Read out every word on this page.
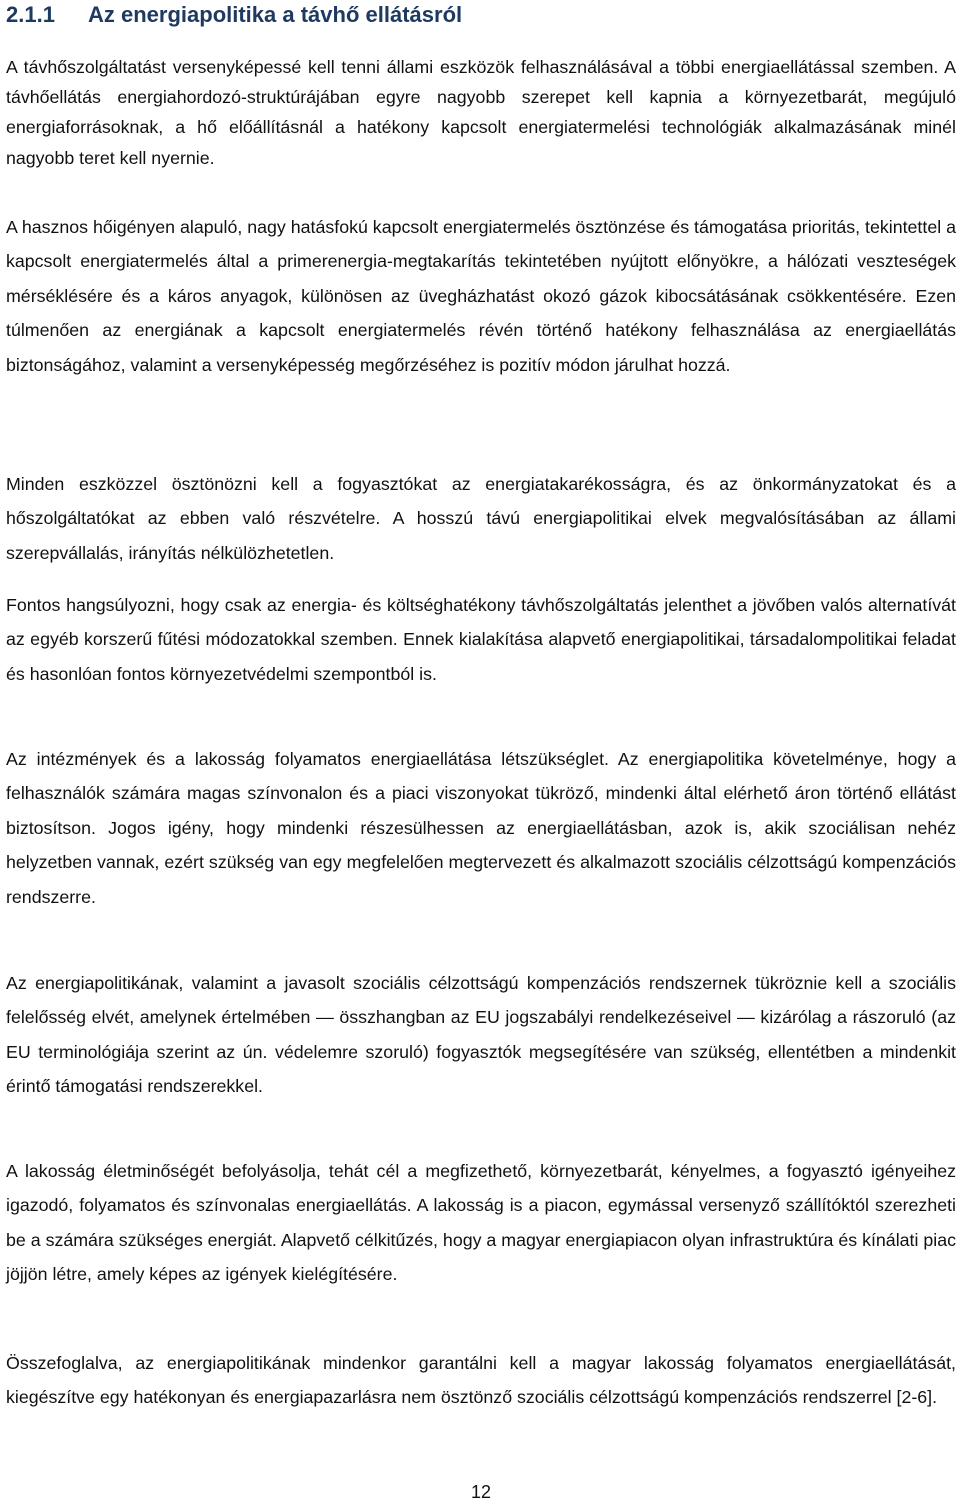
2.1.1 Az energiapolitika a távhő ellátásról

A távhőszolgáltatást versenyképessé kell tenni állami eszközök felhasználásával a többi energiaellátással szemben. A távhőellátás energiahordozó-struktúrájában egyre nagyobb szerepet kell kapnia a környezetbarát, megújuló energiaforrásoknak, a hő előállításnál a hatékony kapcsolt energiatermelési technológiák alkalmazásának minél nagyobb teret kell nyernie.

A hasznos hőigényen alapuló, nagy hatásfokú kapcsolt energiatermelés ösztönzése és támogatása prioritás, tekintettel a kapcsolt energiatermelés által a primerenergia-megtakarítás tekintetében nyújtott előnyökre, a hálózati veszteségek mérséklésére és a káros anyagok, különösen az üvegházhatást okozó gázok kibocsátásának csökkentésére. Ezen túlmenően az energiának a kapcsolt energiatermelés révén történő hatékony felhasználása az energiaellátás biztonságához, valamint a versenyképesség megőrzéséhez is pozitív módon járulhat hozzá.

Minden eszközzel ösztönözni kell a fogyasztókat az energiatakarékosságra, és az önkormányzatokat és a hőszolgáltatókat az ebben való részvételre. A hosszú távú energiapolitikai elvek megvalósításában az állami szerepvállalás, irányítás nélkülözhetetlen.

Fontos hangsúlyozni, hogy csak az energia- és költséghatékony távhőszolgáltatás jelenthet a jövőben valós alternatívát az egyéb korszerű fűtési módozatokkal szemben. Ennek kialakítása alapvető energiapolitikai, társadalompolitikai feladat és hasonlóan fontos környezetvédelmi szempontból is.

Az intézmények és a lakosság folyamatos energiaellátása létszükséglet. Az energiapolitika követelménye, hogy a felhasználók számára magas színvonalon és a piaci viszonyokat tükröző, mindenki által elérhető áron történő ellátást biztosítson. Jogos igény, hogy mindenki részesülhessen az energiaellátásban, azok is, akik szociálisan nehéz helyzetben vannak, ezért szükség van egy megfelelően megtervezett és alkalmazott szociális célzottságú kompenzációs rendszerre.

Az energiapolitikának, valamint a javasolt szociális célzottságú kompenzációs rendszernek tükröznie kell a szociális felelősség elvét, amelynek értelmében — összhangban az EU jogszabályi rendelkezéseivel — kizárólag a rászoruló (az EU terminológiája szerint az ún. védelemre szoruló) fogyasztók megsegítésére van szükség, ellentétben a mindenkit érintő támogatási rendszerekkel.

A lakosság életminőségét befolyásolja, tehát cél a megfizethető, környezetbarát, kényelmes, a fogyasztó igényeihez igazodó, folyamatos és színvonalas energiaellátás. A lakosság is a piacon, egymással versenyző szállítóktól szerezheti be a számára szükséges energiát. Alapvető célkitűzés, hogy a magyar energiapiacon olyan infrastruktúra és kínálati piac jöjjön létre, amely képes az igények kielégítésére.

Összefoglalva, az energiapolitikának mindenkor garantálni kell a magyar lakosság folyamatos energiaellátását, kiegészítve egy hatékonyan és energiapazarlásra nem ösztönző szociális célzottságú kompenzációs rendszerrel [2-6].

12
